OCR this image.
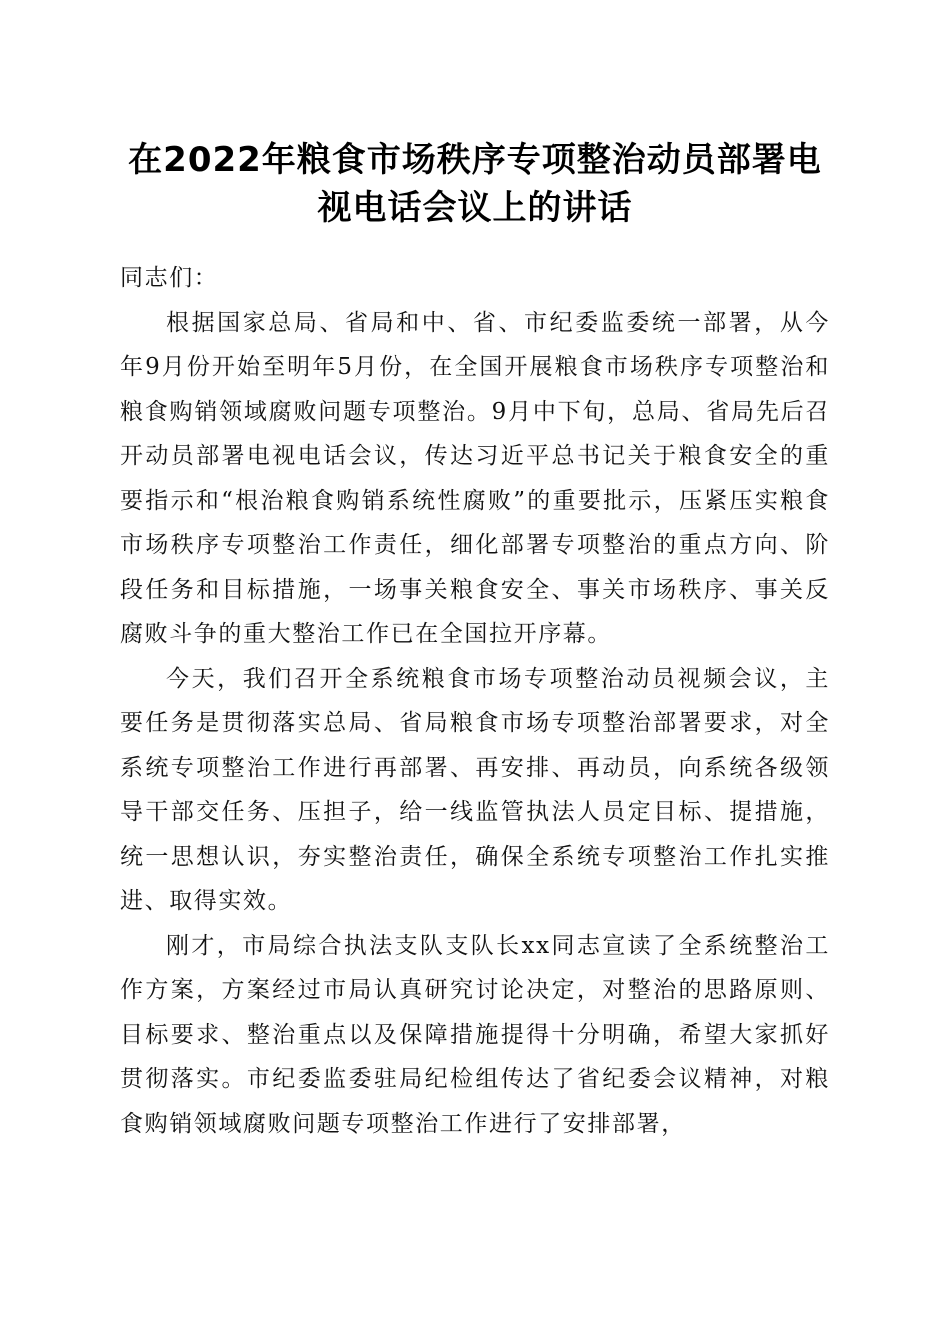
在2022年粮食市场秩序专项整治动员部署电
视电话会议上的讲话

同志们：

根据国家总局、省局和中、省、市纪委监委统一部署，从今年9月份开始至明年5月份，在全国开展粮食市场秩序专项整治和粮食购销领域腐败问题专项整治。9月中下旬，总局、省局先后召开动员部署电视电话会议，传达习近平总书记关于粮食安全的重要指示和“根治粮食购销系统性腐败”的重要批示，压紧压实粮食市场秩序专项整治工作责任，细化部署专项整治的重点方向、阶段任务和目标措施，一场事关粮食安全、事关市场秩序、事关反腐败斗争的重大整治工作已在全国拉开序幕。

今天，我们召开全系统粮食市场专项整治动员视频会议，主要任务是贯彻落实总局、省局粮食市场专项整治部署要求，对全系统专项整治工作进行再部署、再安排、再动员，向系统各级领导干部交任务、压担子，给一线监管执法人员定目标、提措施，统一思想认识，夯实整治责任，确保全系统专项整治工作扎实推进、取得实效。

刚才，市局综合执法支队支队长xx同志宣读了全系统整治工作方案，方案经过市局认真研究讨论决定，对整治的思路原则、目标要求、整治重点以及保障措施提得十分明确，希望大家抓好贯彻落实。市纪委监委驻局纪检组传达了省纪委会议精神，对粮食购销领域腐败问题专项整治工作进行了安排部署，
